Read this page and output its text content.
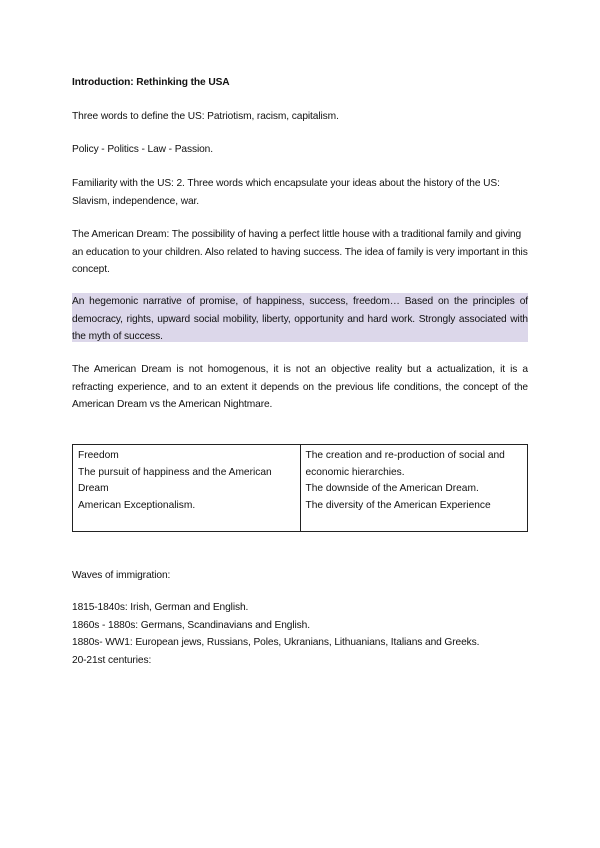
Introduction: Rethinking the USA

Three words to define the US: Patriotism, racism, capitalism.

Policy - Politics - Law - Passion.

Familiarity with the US: 2. Three words which encapsulate your ideas about the history of the US: Slavism, independence, war.

The American Dream: The possibility of having a perfect little house with a traditional family and giving an education to your children. Also related to having success. The idea of family is very important in this concept.

An hegemonic narrative of promise, of happiness, success, freedom… Based on the principles of democracy, rights, upward social mobility, liberty, opportunity and hard work. Strongly associated with the myth of success.

The American Dream is not homogenous, it is not an objective reality but a actualization, it is a refracting experience, and to an extent it depends on the previous life conditions, the concept of the American Dream vs the American Nightmare.

Freedom
The pursuit of happiness and the American Dream
American Exceptionalism.

The creation and re-production of social and economic hierarchies.
The downside of the American Dream.
The diversity of the American Experience

Waves of immigration:

1815-1840s: Irish, German and English.
1860s - 1880s: Germans, Scandinavians and English.
1880s- WW1: European jews, Russians, Poles, Ukranians, Lithuanians, Italians and Greeks.
20-21st centuries:
